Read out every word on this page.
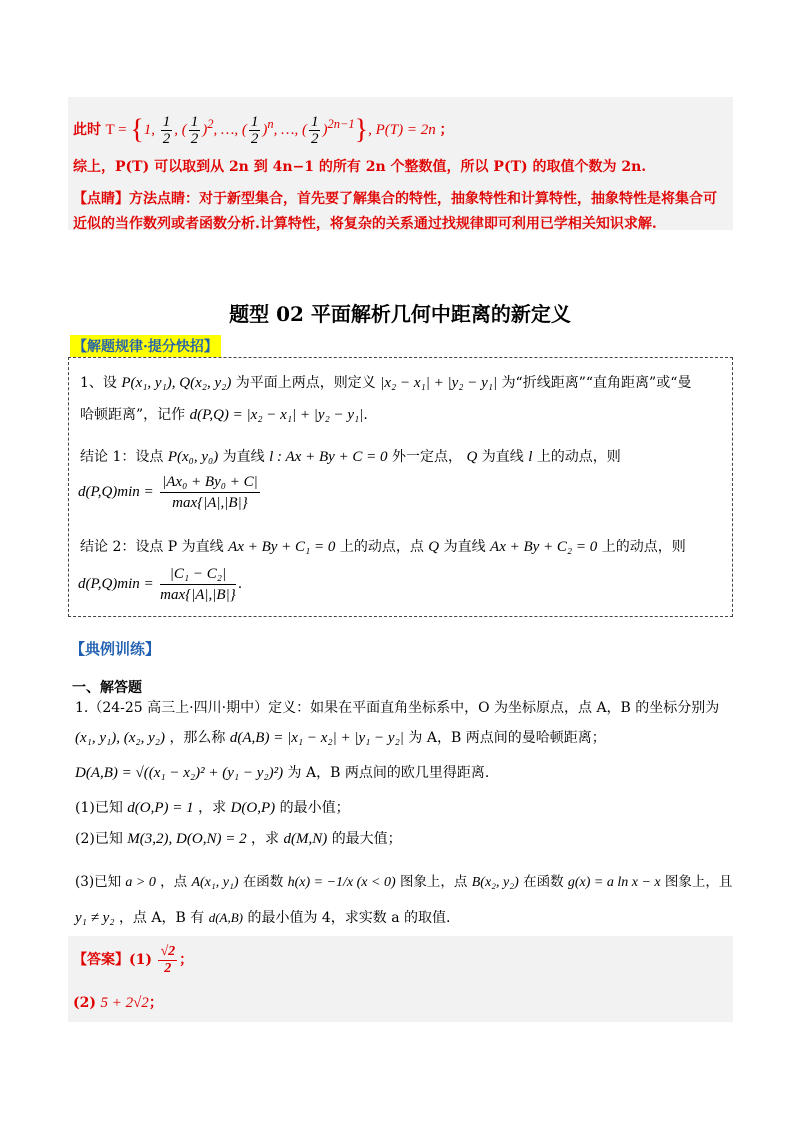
此时 T = {1, $\frac{1}{2}$ , ( $\frac{1}{2} )^2$, …, ( $\frac{1}{2} )^n$, …, ( $\frac{1}{2} )^{2n-1}$}, P(T) = 2n ；
综上，P(T) 可以取到从 2n 到 4n−1 的所有 2n 个整数值，所以 P(T) 的取值个数为 2n.
【点睛】方法点睛：对于新型集合，首先要了解集合的特性，抽象特性和计算特性，抽象特性是将集合可
近似的当作数列或者函数分析.计算特性，将复杂的关系通过找规律即可利用已学相关知识求解.
题型 02 平面解析几何中距离的新定义
【解题规律·提分快招】
1、设 P(x₁, y₁), Q(x₂, y₂) 为平面上两点，则定义 |x₂ − x₁| + |y₂ − y₁| 为“折线距离”“直角距离”或“曼
哈顿距离”，记作 d(P,Q) = |x₂ − x₁| + |y₂ − y₁|.
结论 1：设点 P(x₀, y₀) 为直线 l : Ax + By + C = 0 外一定点， Q 为直线 l 上的动点，则
$d(P,Q)\min = \frac{\text{|Ax₀ + By₀ + C|}}{\max\{|A|,|B|\}}$
结论 2：设点 P 为直线 Ax + By + C₁ = 0 上的动点，点 Q 为直线 Ax + By + C₂ = 0 上的动点，则
$d(P,Q)\min = \frac{\text{|C₁ − C₂|}}{\max\{|A|,|B|\}}$ .
【典例训练】
一、解答题
1.（24-25 高三上·四川·期中）定义：如果在平面直角坐标系中，O 为坐标原点，点 A，B 的坐标分别为
(x₁, y₁), (x₂, y₂) ，那么称 d(A,B) = |x₁ − x₂| + |y₁ − y₂| 为 A，B 两点间的曼哈顿距离；
D(A,B) = √((x₁ − x₂)² + (y₁ − y₂)²) 为 A，B 两点间的欧几里得距离.
(1)已知 d(O,P) = 1 ，求 D(O,P) 的最小值；
(2)已知 M(3,2), D(O,N) = 2 ，求 d(M,N) 的最大值；
(3)已知 a > 0 ，点 A(x₁, y₁) 在函数 h(x) = −1/x (x < 0) 图象上，点 B(x₂, y₂) 在函数 g(x) = a ln x − x 图象上，且
y₁ ≠ y₂ ，点 A，B 有 d(A,B) 的最小值为 4，求实数 a 的取值.
【答案】$(1) \frac{√2}{2}$ ；
(2) 5 + 2√2；
